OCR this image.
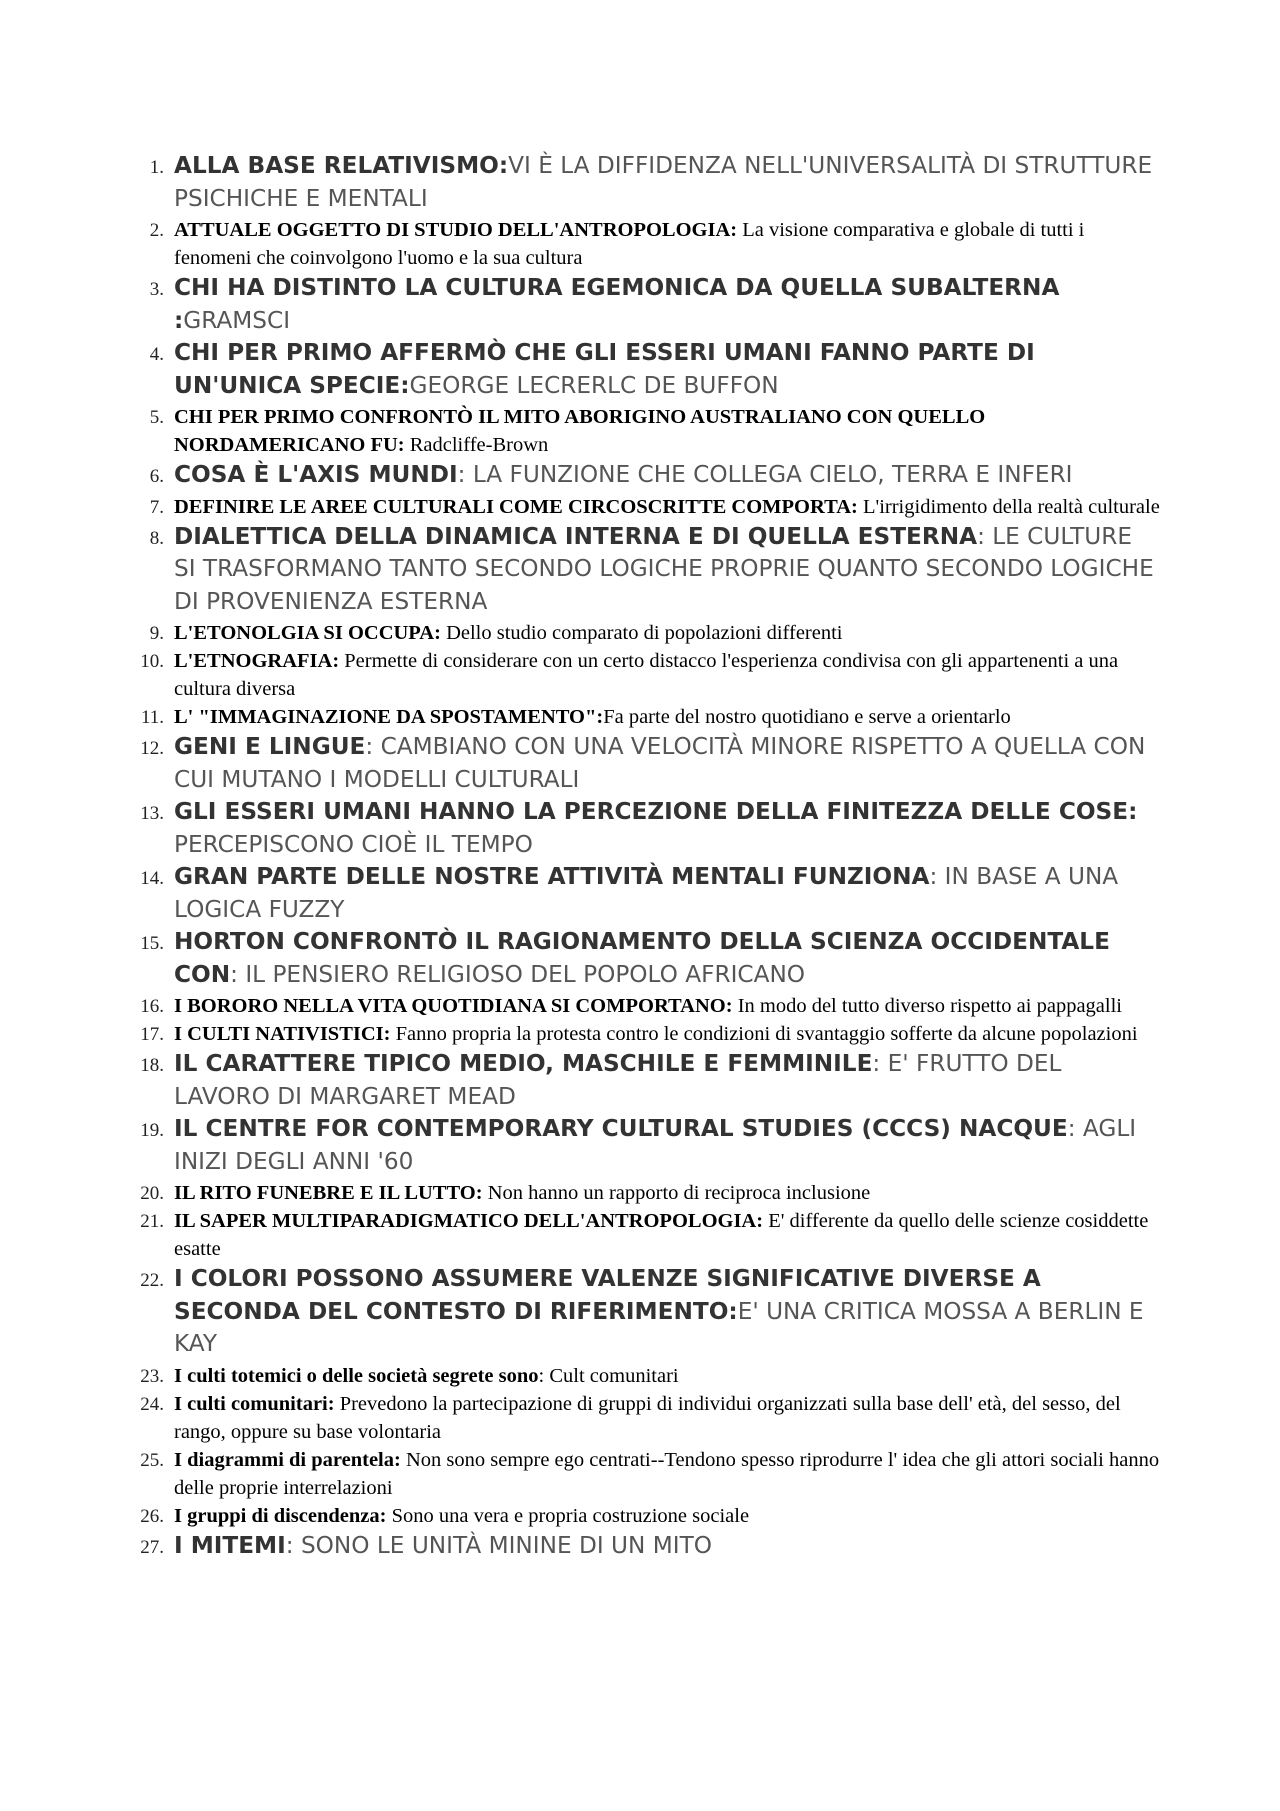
1. ALLA BASE RELATIVISMO:VI È LA DIFFIDENZA NELL'UNIVERSALITÀ DI STRUTTURE PSICHICHE E MENTALI
2. ATTUALE OGGETTO DI STUDIO DELL'ANTROPOLOGIA: La visione comparativa e globale di tutti i fenomeni che coinvolgono l'uomo e la sua cultura
3. CHI HA DISTINTO LA CULTURA EGEMONICA DA QUELLA SUBALTERNA :GRAMSCI
4. CHI PER PRIMO AFFERMÒ CHE GLI ESSERI UMANI FANNO PARTE DI UN'UNICA SPECIE:GEORGE LECRERLC DE BUFFON
5. CHI PER PRIMO CONFRONTÒ IL MITO ABORIGINO AUSTRALIANO CON QUELLO NORDAMERICANO FU: Radcliffe-Brown
6. COSA È L'AXIS MUNDI: LA FUNZIONE CHE COLLEGA CIELO, TERRA E INFERI
7. DEFINIRE LE AREE CULTURALI COME CIRCOSCRITTE COMPORTA: L'irrigidimento della realtà culturale
8. DIALETTICA DELLA DINAMICA INTERNA E DI QUELLA ESTERNA: LE CULTURE SI TRASFORMANO TANTO SECONDO LOGICHE PROPRIE QUANTO SECONDO LOGICHE DI PROVENIENZA ESTERNA
9. L'ETONOLGIA SI OCCUPA: Dello studio comparato di popolazioni differenti
10. L'ETNOGRAFIA: Permette di considerare con un certo distacco l'esperienza condivisa con gli appartenenti a una cultura diversa
11. L' "IMMAGINAZIONE DA SPOSTAMENTO":Fa parte del nostro quotidiano e serve a orientarlo
12. GENI E LINGUE: CAMBIANO CON UNA VELOCITÀ MINORE RISPETTO A QUELLA CON CUI MUTANO I MODELLI CULTURALI
13. GLI ESSERI UMANI HANNO LA PERCEZIONE DELLA FINITEZZA DELLE COSE: PERCEPISCONO CIOÈ IL TEMPO
14. GRAN PARTE DELLE NOSTRE ATTIVITÀ MENTALI FUNZIONA: IN BASE A UNA LOGICA FUZZY
15. HORTON CONFRONTÒ IL RAGIONAMENTO DELLA SCIENZA OCCIDENTALE CON: IL PENSIERO RELIGIOSO DEL POPOLO AFRICANO
16. I BORORO NELLA VITA QUOTIDIANA SI COMPORTANO: In modo del tutto diverso rispetto ai pappagalli
17. I CULTI NATIVISTICI: Fanno propria la protesta contro le condizioni di svantaggio sofferte da alcune popolazioni
18. IL CARATTERE TIPICO MEDIO, MASCHILE E FEMMINILE: E' FRUTTO DEL LAVORO DI MARGARET MEAD
19. IL CENTRE FOR CONTEMPORARY CULTURAL STUDIES (CCCS) NACQUE: AGLI INIZI DEGLI ANNI '60
20. IL RITO FUNEBRE E IL LUTTO: Non hanno un rapporto di reciproca inclusione
21. IL SAPER MULTIPARADIGMATICO DELL'ANTROPOLOGIA: E' differente da quello delle scienze cosiddette esatte
22. I COLORI POSSONO ASSUMERE VALENZE SIGNIFICATIVE DIVERSE A SECONDA DEL CONTESTO DI RIFERIMENTO:E' UNA CRITICA MOSSA A BERLIN E KAY
23. I culti totemici o delle società segrete sono: Cult comunitari
24. I culti comunitari: Prevedono la partecipazione di gruppi di individui organizzati sulla base dell' età, del sesso, del rango, oppure su base volontaria
25. I diagrammi di parentela: Non sono sempre ego centrati--Tendono spesso riprodurre l' idea che gli attori sociali hanno delle proprie interrelazioni
26. I gruppi di discendenza: Sono una vera e propria costruzione sociale
27. I MITEMI: SONO LE UNITÀ MININE DI UN MITO
